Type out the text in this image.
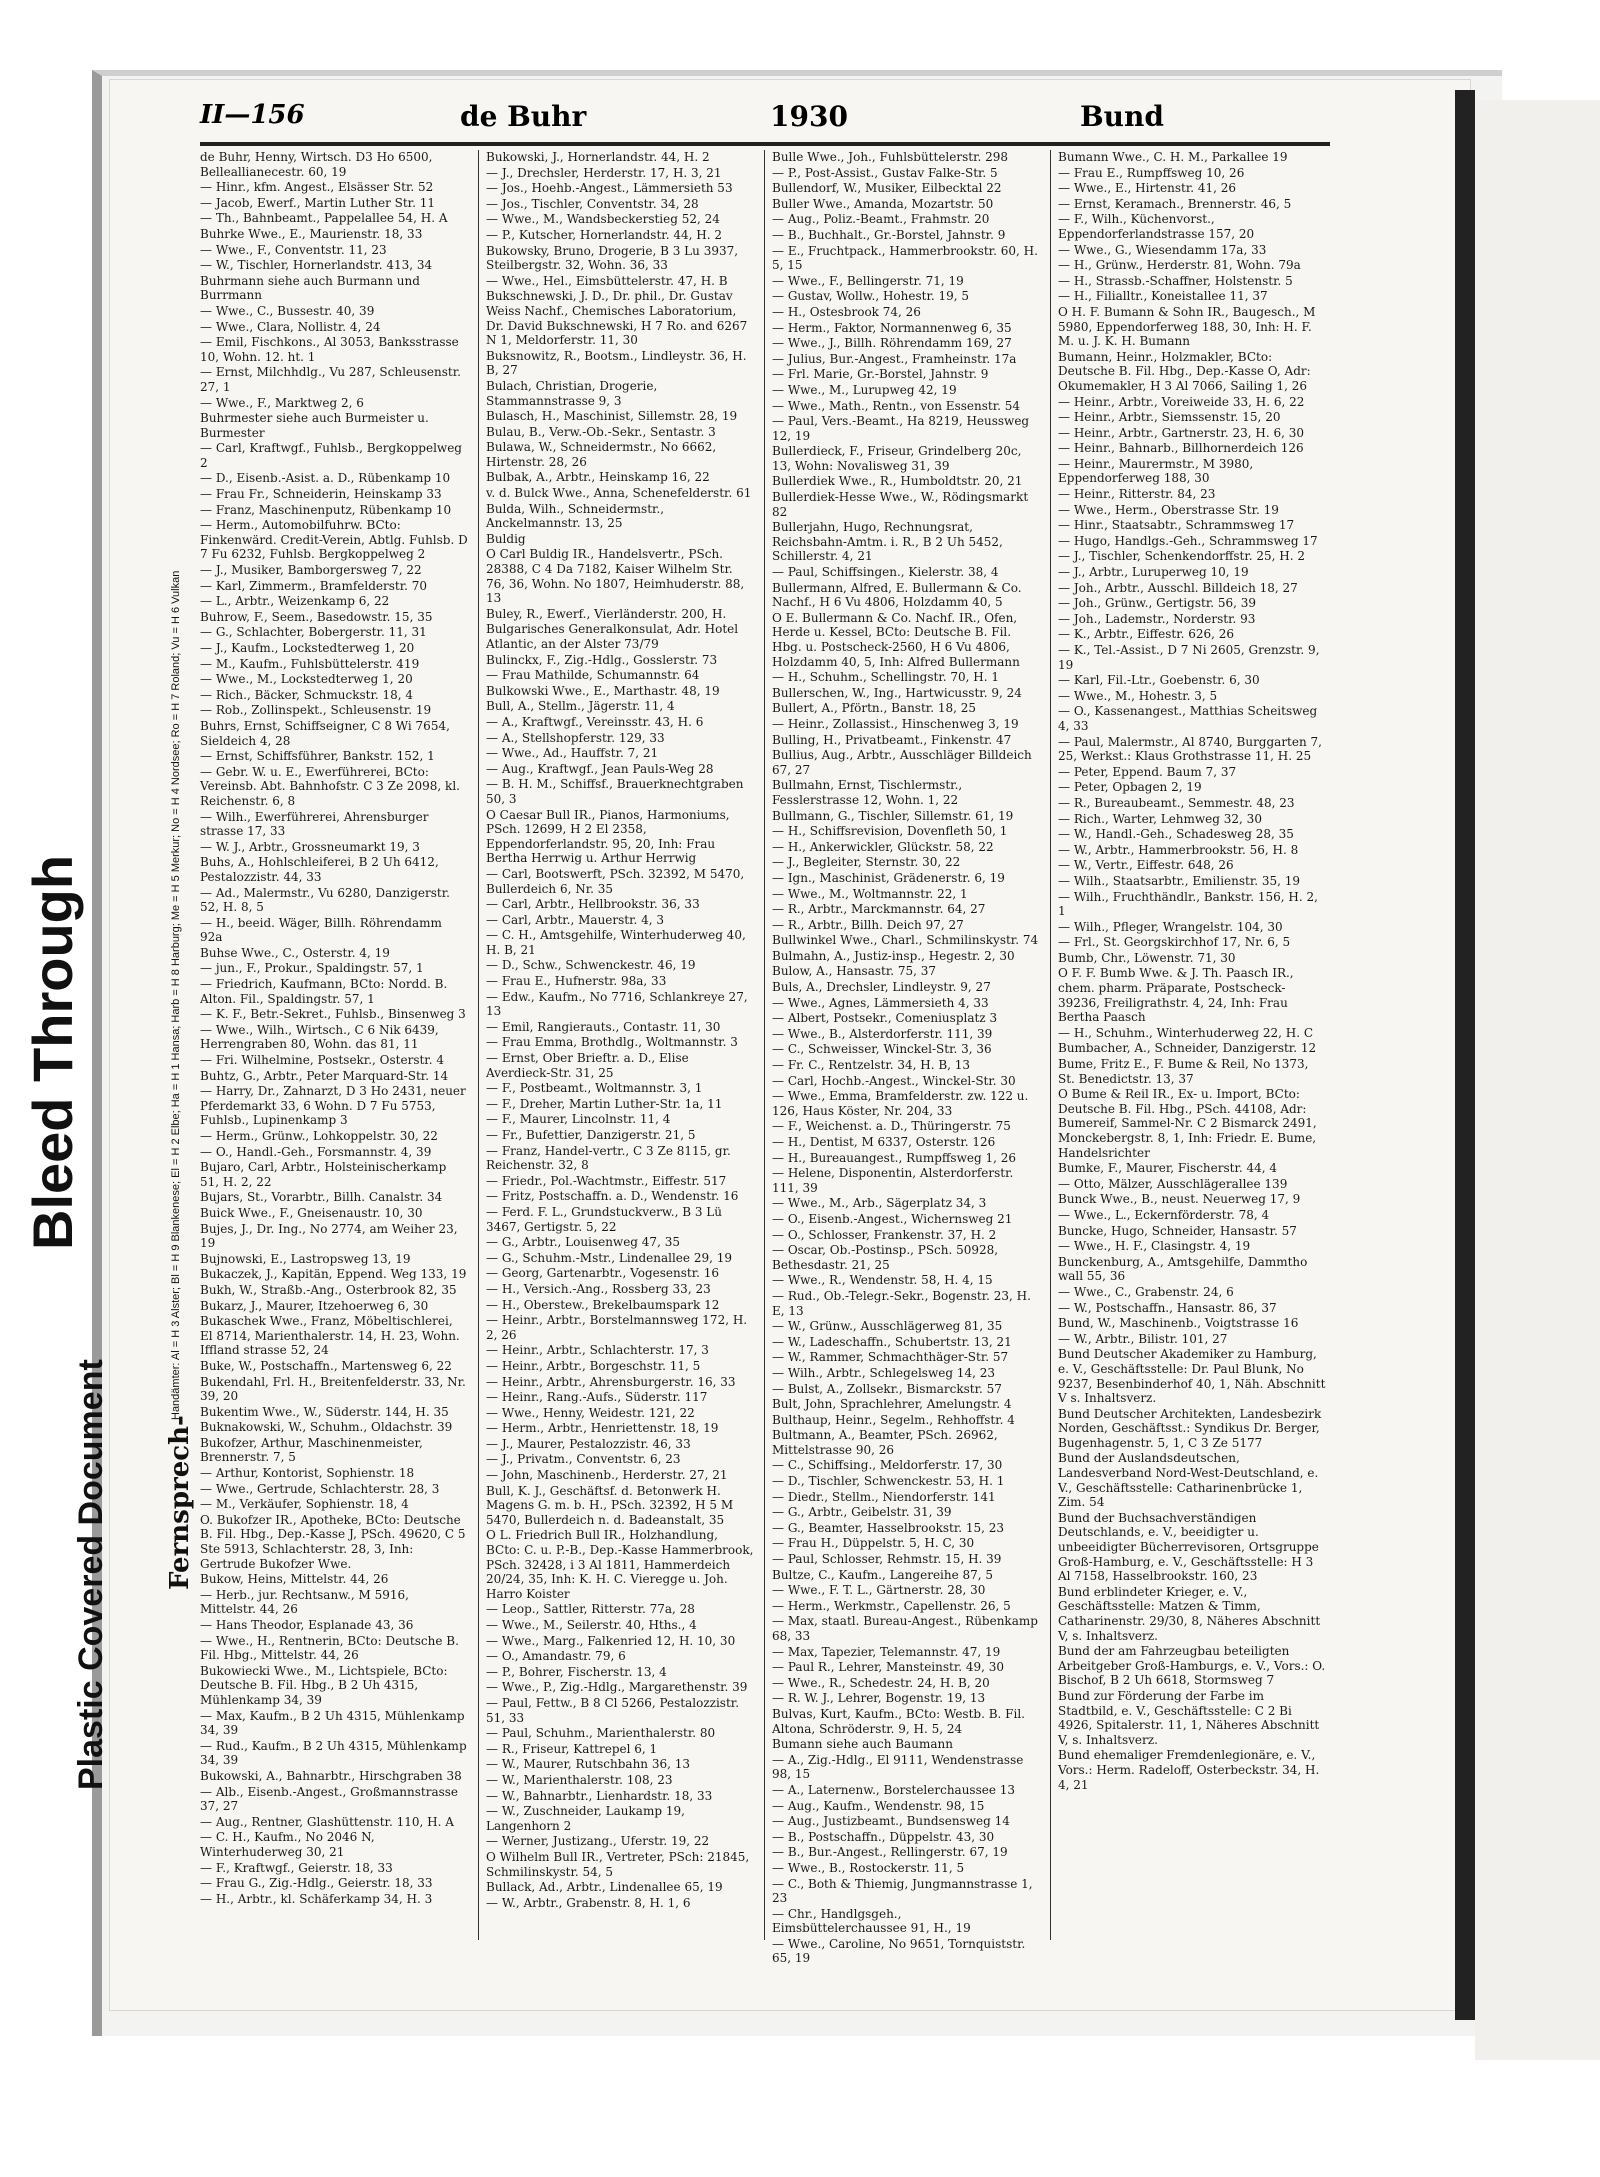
II—156	de Buhr	1930	Bund
de Buhr, Henny, Wirtsch. D3 Ho 6500, Belleallianecestr. 60, 19
— Hinr., kfm. Angest., Elsässer Str. 52
— Jacob, Ewerf., Martin Luther Str. 11
— Th., Bahnbeamt., Pappelallee 54, H. A
Buhrke Wwe., E., Maurienstr. 18, 33
— Wwe., F., Conventstr. 11, 23
— W., Tischler, Hornerlandstr. 413, 34
Buhrmann siehe auch Burmann und Burrmann
— Wwe., C., Bussestr. 40, 39
— Wwe., Clara, Nollistr. 4, 24
— Emil, Fischkons., Al 3053, Banksstrasse 10, Wohn. 12. ht. 1
— Ernst, Milchhdlg., Vu 287, Schleusenstr. 27, 1
— Wwe., F., Marktweg 2, 6
Buhrmester siehe auch Burmeister u. Burmester
— Carl, Kraftwgf., Fuhlsb., Bergkoppelweg 2
— D., Eisenb.-Asist. a. D., Rübenkamp 10
— Frau Fr., Schneiderin, Heinskamp 33
— Franz, Maschinenputz, Rübenkamp 10
— Herm., Automobilfuhrw. BCto: Finkenwärd. Credit-Verein, Abtlg. Fuhlsb. D 7 Fu 6232, Fuhlsb. Bergkoppelweg 2
— J., Musiker, Bamborgersweg 7, 22
— Karl, Zimmerm., Bramfelderstr. 70
— L., Arbtr., Weizenkamp 6, 22
Buhrow, F., Seem., Basedowstr. 15, 35
— G., Schlachter, Bobergerstr. 11, 31
— J., Kaufm., Lockstedterweg 1, 20
— M., Kaufm., Fuhlsbüttelerstr. 419
— Wwe., M., Lockstedterweg 1, 20
— Rich., Bäcker, Schmuckstr. 18, 4
— Rob., Zollinspekt., Schleusenstr. 19
Buhrs, Ernst, Schiffseigner, C 8 Wi 7654, Sieldeich 4, 28
— Ernst, Schiffsführer, Bankstr. 152, 1
— Gebr. W. u. E., Ewerführerei, BCto: Vereinsb. Abt. Bahnhofstr. C 3 Ze 2098, kl. Reichenstr. 6, 8
— Wilh., Ewerführerei, Ahrensburger strasse 17, 33
— W. J., Arbtr., Grossneumarkt 19, 3
Buhs, A., Hohlschleiferei, B 2 Uh 6412, Pestalozzistr. 44, 33
— Ad., Malermstr., Vu 6280, Danzigerstr. 52, H. 8, 5
— H., beeid. Wäger, Billh. Röhrendamm 92a
Buhse Wwe., C., Osterstr. 4, 19
— jun., F., Prokur., Spaldingstr. 57, 1
— Friedrich, Kaufmann, BCto: Nordd. B. Alton. Fil., Spaldingstr. 57, 1
— K. F., Betr.-Sekret., Fuhlsb., Binsenweg 3
— Wwe., Wilh., Wirtsch., C 6 Nik 6439, Herrengraben 80, Wohn. das 81, 11
— Fri. Wilhelmine, Postsekr., Osterstr. 4
Buhtz, G., Arbtr., Peter Marquard-Str. 14
— Harry, Dr., Zahnarzt, D 3 Ho 2431, neuer Pferdemarkt 33, 6 Wohn. D 7 Fu 5753, Fuhlsb., Lupinenkamp 3
— Herm., Grünw., Lohkoppelstr. 30, 22
— O., Handl.-Geh., Forsmannstr. 4, 39
Bujaro, Carl, Arbtr., Holsteinischerkamp 51, H. 2, 22
Bujars, St., Vorarbtr., Billh. Canalstr. 34
Buick Wwe., F., Gneisenaustr. 10, 30
Bujes, J., Dr. Ing., No 2774, am Weiher 23, 19
Bujnowski, E., Lastropsweg 13, 19
Bukaczek, J., Kapitän, Eppend. Weg 133, 19
Bukh, W., Straßb.-Ang., Osterbrook 82, 35
Bukarz, J., Maurer, Itzehoerweg 6, 30
Bukaschek Wwe., Franz, Möbeltischlerei, El 8714, Marienthalerstr. 14, H. 23, Wohn. Iffland strasse 52, 24
Buke, W., Postschaffn., Martensweg 6, 22
Bukendahl, Frl. H., Breitenfelderstr. 33, Nr. 39, 20
Bukentim Wwe., W., Süderstr. 144, H. 35
Buknakowski, W., Schuhm., Oldachstr. 39
Bukofzer, Arthur, Maschinenmeister, Brennerstr. 7, 5
— Arthur, Kontorist, Sophienstr. 18
— Wwe., Gertrude, Schlachterstr. 28, 3
— M., Verkäufer, Sophienstr. 18, 4
O. Bukofzer IR., Apotheke, BCto: Deutsche B. Fil. Hbg., Dep.-Kasse J, PSch. 49620, C 5 Ste 5913, Schlachterstr. 28, 3, Inh: Gertrude Bukofzer Wwe.
Bukow, Heins, Mittelstr. 44, 26
— Herb., jur. Rechtsanw., M 5916, Mittelstr. 44, 26
— Hans Theodor, Esplanade 43, 36
— Wwe., H., Rentnerin, BCto: Deutsche B. Fil. Hbg., Mittelstr. 44, 26
Bukowiecki Wwe., M., Lichtspiele, BCto: Deutsche B. Fil. Hbg., B 2 Uh 4315, Mühlenkamp 34, 39
— Max, Kaufm., B 2 Uh 4315, Mühlenkamp 34, 39
— Rud., Kaufm., B 2 Uh 4315, Mühlenkamp 34, 39
Bukowski, A., Bahnarbtr., Hirschgraben 38
— Alb., Eisenb.-Angest., Großmannstrasse 37, 27
— Aug., Rentner, Glashüttenstr. 110, H. A
— C. H., Kaufm., No 2046 N, Winterhuderweg 30, 21
— F., Kraftwgf., Geierstr. 18, 33
— Frau G., Zig.-Hdlg., Geierstr. 18, 33
— H., Arbtr., kl. Schäferkamp 34, H. 3
Bukowski, J., Hornerlandstr. 44, H. 2
— J., Drechsler, Herderstr. 17, H. 3, 21
— Jos., Hoehb.-Angest., Lämmersieth 53
— Jos., Tischler, Conventstr. 34, 28
— Wwe., M., Wandsbeckerstieg 52, 24
— P., Kutscher, Hornerlandstr. 44, H. 2
Bukowsky, Bruno, Drogerie, B 3 Lu 3937, Steilbergstr. 32, Wohn. 36, 33
— Wwe., Hel., Eimsbüttelerstr. 47, H. B
Bukschnewski, J. D., Dr. phil., Dr. Gustav Weiss Nachf., Chemisches Laboratorium, Dr. David Bukschnewski, H 7 Ro. and 6267 N 1, Meldorferstr. 11, 30
Buksnowitz, R., Bootsm., Lindleystr. 36, H. B, 27
Bulach, Christian, Drogerie, Stammannstrasse 9, 3
Bulasch, H., Maschinist, Sillemstr. 28, 19
Bulau, B., Verw.-Ob.-Sekr., Sentastr. 3
Bulawa, W., Schneidermstr., No 6662, Hirtenstr. 28, 26
Bulbak, A., Arbtr., Heinskamp 16, 22
v. d. Bulck Wwe., Anna, Schenefelderstr. 61
Bulda, Wilh., Schneidermstr., Anckelmannstr. 13, 25
Buldig
O Carl Buldig IR., Handelsvertr., PSch. 28388, C 4 Da 7182, Kaiser Wilhelm Str. 76, 36, Wohn. No 1807, Heimhuderstr. 88, 13
Buley, R., Ewerf., Vierländerstr. 200, H.
Bulgarisches Generalkonsulat, Adr. Hotel Atlantic, an der Alster 73/79
Bulinckx, F., Zig.-Hdlg., Gosslerstr. 73
— Frau Mathilde, Schumannstr. 64
Bulkowski Wwe., E., Marthastr. 48, 19
Bull, A., Stellm., Jägerstr. 11, 4
— A., Kraftwgf., Vereinsstr. 43, H. 6
— A., Stellshopferstr. 129, 33
— Wwe., Ad., Hauffstr. 7, 21
— Aug., Kraftwgf., Jean Pauls-Weg 28
— B. H. M., Schiffsf., Brauerknechtgraben 50, 3
O Caesar Bull IR., Pianos, Harmoniums, PSch. 12699, H 2 El 2358, Eppendorferlandstr. 95, 20, Inh: Frau Bertha Herrwig u. Arthur Herrwig
— Carl, Bootswerft, PSch. 32392, M 5470, Bullerdeich 6, Nr. 35
— Carl, Arbtr., Hellbrookstr. 36, 33
— Carl, Arbtr., Mauerstr. 4, 3
— C. H., Amtsgehilfe, Winterhuderweg 40, H. B, 21
— D., Schw., Schwenckestr. 46, 19
— Frau E., Hufnerstr. 98a, 33
— Edw., Kaufm., No 7716, Schlankreye 27, 13
— Emil, Rangierauts., Contastr. 11, 30
— Frau Emma, Brothdlg., Woltmannstr. 3
— Ernst, Ober Brieftr. a. D., Elise Averdieck-Str. 31, 25
— F., Postbeamt., Woltmannstr. 3, 1
— F., Dreher, Martin Luther-Str. 1a, 11
— F., Maurer, Lincolnstr. 11, 4
— Fr., Bufettier, Danzigerstr. 21, 5
— Franz, Handel-vertr., C 3 Ze 8115, gr. Reichenstr. 32, 8
— Friedr., Pol.-Wachtmstr., Eiffestr. 517
— Fritz, Postschaffn. a. D., Wendenstr. 16
— Ferd. F. L., Grundstuckverw., B 3 Lü 3467, Gertigstr. 5, 22
— G., Arbtr., Louisenweg 47, 35
— G., Schuhm.-Mstr., Lindenallee 29, 19
— Georg, Gartenarbtr., Vogesenstr. 16
— H., Versich.-Ang., Rossberg 33, 23
— H., Oberstew., Brekelbaumspark 12
— Heinr., Arbtr., Borstelmannsweg 172, H. 2, 26
— Heinr., Arbtr., Schlachterstr. 17, 3
— Heinr., Arbtr., Borgeschstr. 11, 5
— Heinr., Arbtr., Ahrensburgerstr. 16, 33
— Heinr., Rang.-Aufs., Süderstr. 117
— Wwe., Henny, Weidestr. 121, 22
— Herm., Arbtr., Henriettenstr. 18, 19
— J., Maurer, Pestalozzistr. 46, 33
— J., Privatm., Conventstr. 6, 23
— John, Maschinenb., Herderstr. 27, 21
Bull, K. J., Geschäftsf. d. Betonwerk H. Magens G. m. b. H., PSch. 32392, H 5 M 5470, Bullerdeich n. d. Badeanstalt, 35
O L. Friedrich Bull IR., Holzhandlung, BCto: C. u. P.-B., Dep.-Kasse Hammerbrook, PSch. 32428, i 3 Al 1811, Hammerdeich 20/24, 35, Inh: K. H. C. Vieregge u. Joh. Harro Koister
— Leop., Sattler, Ritterstr. 77a, 28
— Wwe., M., Seilerstr. 40, Hths., 4
— Wwe., Marg., Falkenried 12, H. 10, 30
— O., Amandastr. 79, 6
— P., Bohrer, Fischerstr. 13, 4
— Wwe., P., Zig.-Hdlg., Margarethenstr. 39
— Paul, Fettw., B 8 Cl 5266, Pestalozzistr. 51, 33
— Paul, Schuhm., Marienthalerstr. 80
— R., Friseur, Kattrepel 6, 1
— W., Maurer, Rutschbahn 36, 13
— W., Marienthalerstr. 108, 23
— W., Bahnarbtr., Lienhardstr. 18, 33
— W., Zuschneider, Laukamp 19, Langenhorn 2
— Werner, Justizang., Uferstr. 19, 22
O Wilhelm Bull IR., Vertreter, PSch: 21845, Schmilinskystr. 54, 5
Bullack, Ad., Arbtr., Lindenallee 65, 19
— W., Arbtr., Grabenstr. 8, H. 1, 6
Bulle Wwe., Joh., Fuhlsbüttelerstr. 298
— P., Post-Assist., Gustav Falke-Str. 5
Bullendorf, W., Musiker, Eilbecktal 22
Buller Wwe., Amanda, Mozartstr. 50
— Aug., Poliz.-Beamt., Frahmstr. 20
— B., Buchhalt., Gr.-Borstel, Jahnstr. 9
— E., Fruchtpack., Hammerbrookstr. 60, H. 5, 15
— Wwe., F., Bellingerstr. 71, 19
— Gustav, Wollw., Hohestr. 19, 5
— H., Ostesbrook 74, 26
— Herm., Faktor, Normannenweg 6, 35
— Wwe., J., Billh. Röhrendamm 169, 27
— Julius, Bur.-Angest., Framheinstr. 17a
— Frl. Marie, Gr.-Borstel, Jahnstr. 9
— Wwe., M., Lurupweg 42, 19
— Wwe., Math., Rentn., von Essenstr. 54
— Paul, Vers.-Beamt., Ha 8219, Heussweg 12, 19
Bullerdieck, F., Friseur, Grindelberg 20c, 13, Wohn: Novalisweg 31, 39
Bullerdiek Wwe., R., Humboldtstr. 20, 21
Bullerdiek-Hesse Wwe., W., Rödingsmarkt 82
Bullerjahn, Hugo, Rechnungsrat, Reichsbahn-Amtm. i. R., B 2 Uh 5452, Schillerstr. 4, 21
— Paul, Schiffsingen., Kielerstr. 38, 4
Bullermann, Alfred, E. Bullermann & Co. Nachf., H 6 Vu 4806, Holzdamm 40, 5
O E. Bullermann & Co. Nachf. IR., Ofen, Herde u. Kessel, BCto: Deutsche B. Fil. Hbg. u. Postscheck-2560, H 6 Vu 4806, Holzdamm 40, 5, Inh: Alfred Bullermann
— H., Schuhm., Schellingstr. 70, H. 1
Bullerschen, W., Ing., Hartwicusstr. 9, 24
Bullert, A., Pförtn., Banstr. 18, 25
— Heinr., Zollassist., Hinschenweg 3, 19
Bulling, H., Privatbeamt., Finkenstr. 47
Bullius, Aug., Arbtr., Ausschläger Billdeich 67, 27
Bullmahn, Ernst, Tischlermstr., Fesslerstrasse 12, Wohn. 1, 22
Bullmann, G., Tischler, Sillemstr. 61, 19
— H., Schiffsrevision, Dovenfleth 50, 1
— H., Ankerwickler, Glückstr. 58, 22
— J., Begleiter, Sternstr. 30, 22
— Ign., Maschinist, Grädenerstr. 6, 19
— Wwe., M., Woltmannstr. 22, 1
— R., Arbtr., Marckmannstr. 64, 27
— R., Arbtr., Billh. Deich 97, 27
Bullwinkel Wwe., Charl., Schmilinskystr. 74
Bulmahn, A., Justiz-insp., Hegestr. 2, 30
Bulow, A., Hansastr. 75, 37
Buls, A., Drechsler, Lindleystr. 9, 27
— Wwe., Agnes, Lämmersieth 4, 33
— Albert, Postsekr., Comeniusplatz 3
— Wwe., B., Alsterdorferstr. 111, 39
— C., Schweisser, Winckel-Str. 3, 36
— Fr. C., Rentzelstr. 34, H. B, 13
— Carl, Hochb.-Angest., Winckel-Str. 30
— Wwe., Emma, Bramfelderstr. zw. 122 u. 126, Haus Köster, Nr. 204, 33
— F., Weichenst. a. D., Thüringerstr. 75
— H., Dentist, M 6337, Osterstr. 126
— H., Bureauangest., Rumpffsweg 1, 26
— Helene, Disponentin, Alsterdorferstr. 111, 39
— Wwe., M., Arb., Sägerplatz 34, 3
— O., Eisenb.-Angest., Wichernsweg 21
— O., Schlosser, Frankenstr. 37, H. 2
— Oscar, Ob.-Postinsp., PSch. 50928, Bethesdastr. 21, 25
— Wwe., R., Wendenstr. 58, H. 4, 15
— Rud., Ob.-Telegr.-Sekr., Bogenstr. 23, H. E, 13
— W., Grünw., Ausschlägerweg 81, 35
— W., Ladeschaffn., Schubertstr. 13, 21
— W., Rammer, Schmachthäger-Str. 57
— Wilh., Arbtr., Schlegelsweg 14, 23
— Bulst, A., Zollsekr., Bismarckstr. 57
Bult, John, Sprachlehrer, Amelungstr. 4
Bulthaup, Heinr., Segelm., Rehhoffstr. 4
Bultmann, A., Beamter, PSch. 26962, Mittelstrasse 90, 26
— C., Schiffsing., Meldorferstr. 17, 30
— D., Tischler, Schwenckestr. 53, H. 1
— Diedr., Stellm., Niendorferstr. 141
— G., Arbtr., Geibelstr. 31, 39
— G., Beamter, Hasselbrookstr. 15, 23
— Frau H., Düppelstr. 5, H. C, 30
— Paul, Schlosser, Rehmstr. 15, H. 39
Bultze, C., Kaufm., Langereihe 87, 5
— Wwe., F. T. L., Gärtnerstr. 28, 30
— Herm., Werkmstr., Capellenstr. 26, 5
— Max, staatl. Bureau-Angest., Rübenkamp 68, 33
— Max, Tapezier, Telemannstr. 47, 19
— Paul R., Lehrer, Mansteinstr. 49, 30
— Wwe., R., Schedestr. 24, H. B, 20
— R. W. J., Lehrer, Bogenstr. 19, 13
Bulvas, Kurt, Kaufm., BCto: Westb. B. Fil. Altona, Schröderstr. 9, H. 5, 24
Bumann siehe auch Baumann
— A., Zig.-Hdlg., El 9111, Wendenstrasse 98, 15
— A., Laternenw., Borstelerchaussee 13
— Aug., Kaufm., Wendenstr. 98, 15
— Aug., Justizbeamt., Bundsensweg 14
— B., Postschaffn., Düppelstr. 43, 30
— B., Bur.-Angest., Rellingerstr. 67, 19
— Wwe., B., Rostockerstr. 11, 5
— C., Both & Thiemig, Jungmannstrasse 1, 23
— Chr., Handlgsgeh., Eimsbüttelerchaussee 91, H., 19
— Wwe., Caroline, No 9651, Tornquiststr. 65, 19
Bumann Wwe., C. H. M., Parkallee 19
— Frau E., Rumpffsweg 10, 26
— Wwe., E., Hirtenstr. 41, 26
— Ernst, Keramach., Brennerstr. 46, 5
— F., Wilh., Küchenvorst., Eppendorferlandstrasse 157, 20
— Wwe., G., Wiesendamm 17a, 33
— H., Grünw., Herderstr. 81, Wohn. 79a
— H., Strassb.-Schaffner, Holstenstr. 5
— H., Filialltr., Koneistallee 11, 37
O H. F. Bumann & Sohn IR., Baugesch., M 5980, Eppendorferweg 188, 30, Inh: H. F. M. u. J. K. H. Bumann
Bumann, Heinr., Holzmakler, BCto: Deutsche B. Fil. Hbg., Dep.-Kasse O, Adr: Okumemakler, H 3 Al 7066, Sailing 1, 26
— Heinr., Arbtr., Voreiweide 33, H. 6, 22
— Heinr., Arbtr., Siemssenstr. 15, 20
— Heinr., Arbtr., Gartnerstr. 23, H. 6, 30
— Heinr., Bahnarb., Billhornerdeich 126
— Heinr., Maurermstr., M 3980, Eppendorferweg 188, 30
— Heinr., Ritterstr. 84, 23
— Wwe., Herm., Oberstrasse Str. 19
— Hinr., Staatsabtr., Schrammsweg 17
— Hugo, Handlgs.-Geh., Schrammsweg 17
— J., Tischler, Schenkendorffstr. 25, H. 2
— J., Arbtr., Luruperweg 10, 19
— Joh., Arbtr., Ausschl. Billdeich 18, 27
— Joh., Grünw., Gertigstr. 56, 39
— Joh., Lademstr., Norderstr. 93
— K., Arbtr., Eiffestr. 626, 26
— K., Tel.-Assist., D 7 Ni 2605, Grenzstr. 9, 19
— Karl, Fil.-Ltr., Goebenstr. 6, 30
— Wwe., M., Hohestr. 3, 5
— O., Kassenangest., Matthias Scheitsweg 4, 33
— Paul, Malermstr., Al 8740, Burggarten 7, 25, Werkst.: Klaus Grothstrasse 11, H. 25
— Peter, Eppend. Baum 7, 37
— Peter, Opbagen 2, 19
— R., Bureaubeamt., Semmestr. 48, 23
— Rich., Warter, Lehmweg 32, 30
— W., Handl.-Geh., Schadesweg 28, 35
— W., Arbtr., Hammerbrookstr. 56, H. 8
— W., Vertr., Eiffestr. 648, 26
— Wilh., Staatsarbtr., Emilienstr. 35, 19
— Wilh., Fruchthändlr., Bankstr. 156, H. 2, 1
— Wilh., Pfleger, Wrangelstr. 104, 30
— Frl., St. Georgskirchhof 17, Nr. 6, 5
Bumb, Chr., Löwenstr. 71, 30
O F. F. Bumb Wwe. & J. Th. Paasch IR., chem. pharm. Präparate, Postscheck-39236, Freiligrathstr. 4, 24, Inh: Frau Bertha Paasch
— H., Schuhm., Winterhuderweg 22, H. C
Bumbacher, A., Schneider, Danzigerstr. 12
Bume, Fritz E., F. Bume & Reil, No 1373, St. Benedictstr. 13, 37
O Bume & Reil IR., Ex- u. Import, BCto: Deutsche B. Fil. Hbg., PSch. 44108, Adr: Bumereif, Sammel-Nr. C 2 Bismarck 2491, Monckebergstr. 8, 1, Inh: Friedr. E. Bume, Handelsrichter
Bumke, F., Maurer, Fischerstr. 44, 4
— Otto, Mälzer, Ausschlägerallee 139
Bunck Wwe., B., neust. Neuerweg 17, 9
— Wwe., L., Eckernförderstr. 78, 4
Buncke, Hugo, Schneider, Hansastr. 57
— Wwe., H. F., Clasingstr. 4, 19
Bunckenburg, A., Amtsgehilfe, Dammtho wall 55, 36
— Wwe., C., Grabenstr. 24, 6
— W., Postschaffn., Hansastr. 86, 37
Bund, W., Maschinenb., Voigtstrasse 16
— W., Arbtr., Bilistr. 101, 27
Bund Deutscher Akademiker zu Hamburg, e. V., Geschäftsstelle: Dr. Paul Blunk, No 9237, Besenbinderhof 40, 1, Näh. Abschnitt V s. Inhaltsverz.
Bund Deutscher Architekten, Landesbezirk Norden, Geschäftsst.: Syndikus Dr. Berger, Bugenhagenstr. 5, 1, C 3 Ze 5177
Bund der Auslandsdeutschen, Landesverband Nord-West-Deutschland, e. V., Geschäftsstelle: Catharinenbrücke 1, Zim. 54
Bund der Buchsachverständigen Deutschlands, e. V., beeidigter u. unbeeidigter Bücherrevisoren, Ortsgruppe Groß-Hamburg, e. V., Geschäftsstelle: H 3 Al 7158, Hasselbrookstr. 160, 23
Bund erblindeter Krieger, e. V., Geschäftsstelle: Matzen & Timm, Catharinenstr. 29/30, 8, Näheres Abschnitt V, s. Inhaltsverz.
Bund der am Fahrzeugbau beteiligten Arbeitgeber Groß-Hamburgs, e. V., Vors.: O. Bischof, B 2 Uh 6618, Stormsweg 7
Bund zur Förderung der Farbe im Stadtbild, e. V., Geschäftsstelle: C 2 Bi 4926, Spitalerstr. 11, 1, Näheres Abschnitt V, s. Inhaltsverz.
Bund ehemaliger Fremdenlegionäre, e. V., Vors.: Herm. Radeloff, Osterbeckstr. 34, H. 4, 21
Bleed Through
Plastic Covered Document Fernsprech-
Handämter: Al = H 3 Alster; Bl = H 9 Blankenese; El = H 2 Elbe; Ha = H 1 Hansa; Harb = H 8 Harburg; Me = H 5 Merkur; No = H 4 Nordsee; Ro = H 7 Roland; Vu = H 6 Vulkan
